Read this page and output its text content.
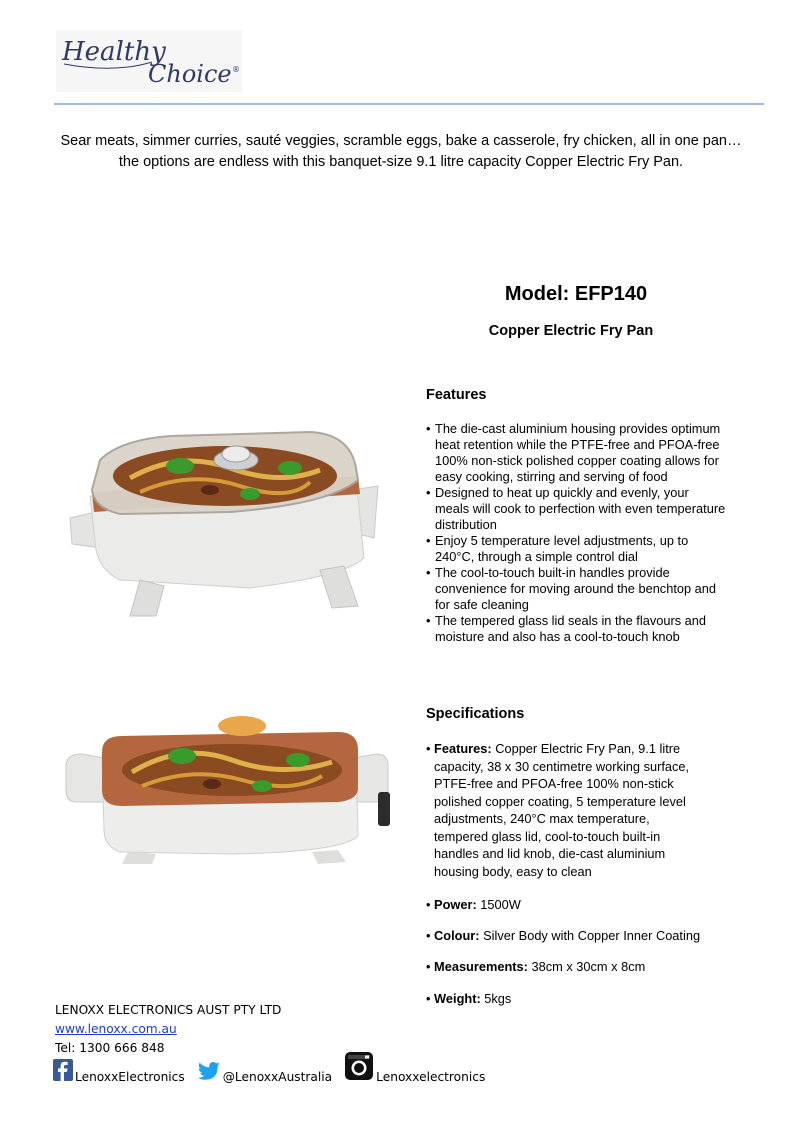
Healthy
Choice ®

Sear meats, simmer curries, sauté veggies, scramble eggs, bake a casserole, fry chicken, all in one pan…

the options are endless with this banquet-size 9.1 litre capacity Copper Electric Fry Pan.

Model: EFP140
Copper Electric Fry Pan
Features
• The die-cast aluminium housing provides optimum heat retention while the PTFE-free and PFOA-free 100% non-stick polished copper coating allows for easy cooking, stirring and serving of food
• Designed to heat up quickly and evenly, your meals will cook to perfection with even temperature distribution
• Enjoy 5 temperature level adjustments, up to 240°C, through a simple control dial
• The cool-to-touch built-in handles provide convenience for moving around the benchtop and for safe cleaning
• The tempered glass lid seals in the flavours and moisture and also has a cool-to-touch knob
Specifications
• Features: Copper Electric Fry Pan, 9.1 litre
capacity, 38 x 30 centimetre working surface,
PTFE-free and PFOA-free 100% non-stick
polished copper coating, 5 temperature level
adjustments, 240°C max temperature,
tempered glass lid, cool-to-touch built-in
handles and lid knob, die-cast aluminium
housing body, easy to clean
• Power: 1500W
• Colour: Silver Body with Copper Inner Coating
• Measurements: 38cm x 30cm x 8cm
• Weight: 5kgs
LENOXX ELECTRONICS AUST PTY LTD
www.lenoxx.com.au
Tel: 1300 666 848
LenoxxElectronics	@LenoxxAustralia	Lenoxxelectronics
